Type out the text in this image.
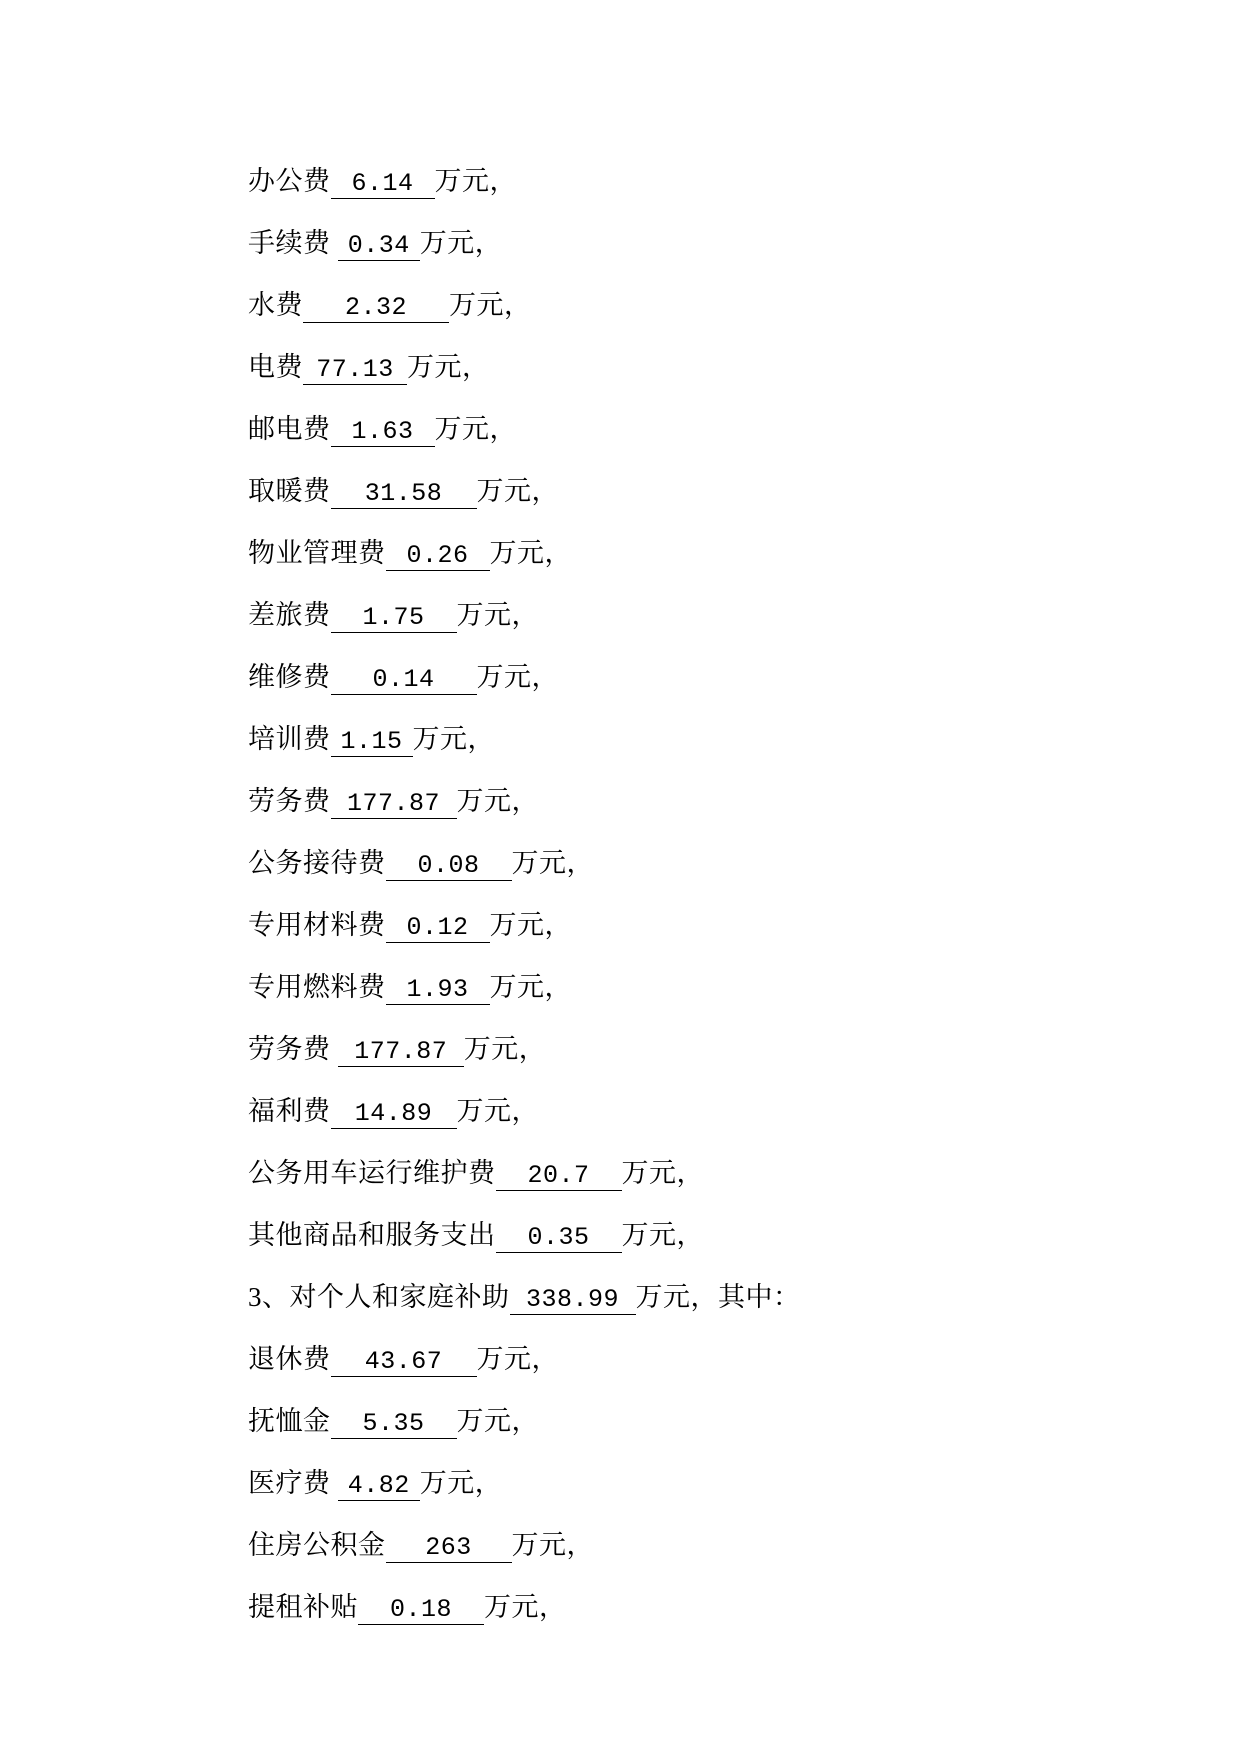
办公费 6.14 万元，
手续费 0.34 万元，
水费 2.32 万元，
电费 77.13 万元，
邮电费 1.63 万元，
取暖费 31.58 万元，
物业管理费 0.26 万元，
差旅费 1.75 万元，
维修费 0.14 万元，
培训费 1.15 万元，
劳务费 177.87 万元，
公务接待费 0.08 万元，
专用材料费 0.12 万元，
专用燃料费 1.93 万元，
劳务费 177.87 万元，
福利费 14.89 万元，
公务用车运行维护费 20.7 万元，
其他商品和服务支出 0.35 万元，
3、对个人和家庭补助 338.99 万元，其中：
退休费 43.67 万元，
抚恤金 5.35 万元，
医疗费 4.82 万元，
住房公积金 263 万元，
提租补贴 0.18 万元，
